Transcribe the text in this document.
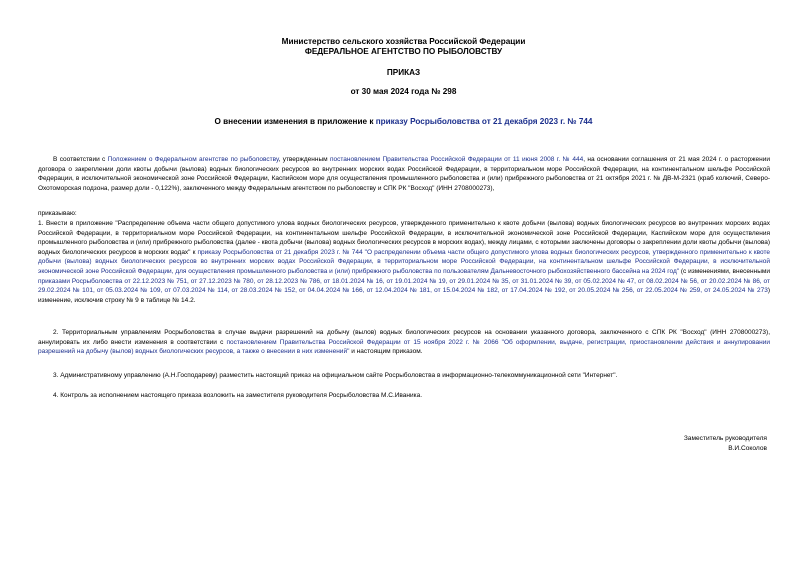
Министерство сельского хозяйства Российской Федерации
ФЕДЕРАЛЬНОЕ АГЕНТСТВО ПО РЫБОЛОВСТВУ
ПРИКАЗ
от 30 мая 2024 года № 298
О внесении изменения в приложение к приказу Росрыболовства от 21 декабря 2023 г. № 744

В соответствии с Положением о Федеральном агентстве по рыболовству, утвержденным постановлением Правительства Российской Федерации от 11 июня 2008 г. № 444, на основании соглашения от 21 мая 2024 г. о расторжении договора о закреплении доли квоты добычи (вылова) водных биологических ресурсов во внутренних морских водах Российской Федерации, в территориальном море Российской Федерации, на континентальном шельфе Российской Федерации, в исключительной экономической зоне Российской Федерации, Каспийском море для осуществления промышленного рыболовства и (или) прибрежного рыболовства от 21 октября 2021 г. № ДВ-М-2321 (краб колючий, Северо-Охотоморская подзона, размер доли - 0,122%), заключенного между Федеральным агентством по рыболовству и СПК РК "Восход" (ИНН 2708000273),

приказываю:

1. Внести в приложение "Распределение объема части общего допустимого улова водных биологических ресурсов, утвержденного применительно к квоте добычи (вылова) водных биологических ресурсов во внутренних морских водах Российской Федерации, в территориальном море Российской Федерации, на континентальном шельфе Российской Федерации, в исключительной экономической зоне Российской Федерации, Каспийском море для осуществления промышленного рыболовства и (или) прибрежного рыболовства (далее - квота добычи (вылова) водных биологических ресурсов в морских водах), между лицами, с которыми заключены договоры о закреплении доли квоты добычи (вылова) водных биологических ресурсов в морских водах" к приказу Росрыболовства от 21 декабря 2023 г. № 744 "О распределении объема части общего допустимого улова водных биологических ресурсов, утвержденного применительно к квоте добычи (вылова) водных биологических ресурсов во внутренних морских водах Российской Федерации, в территориальном море Российской Федерации, на континентальном шельфе Российской Федерации, в исключительной экономической зоне Российской Федерации, для осуществления промышленного рыболовства и (или) прибрежного рыболовства по пользователям Дальневосточного рыбохозяйственного бассейна на 2024 год" (с изменениями, внесенными приказами Росрыболовства от 22.12.2023 № 751, от 27.12.2023 № 780, от 28.12.2023 № 786, от 18.01.2024 № 16, от 19.01.2024 № 19, от 29.01.2024 № 35, от 31.01.2024 № 39, от 05.02.2024 № 47, от 08.02.2024 № 56, от 20.02.2024 № 86, от 29.02.2024 № 101, от 05.03.2024 № 109, от 07.03.2024 № 114, от 28.03.2024 № 152, от 04.04.2024 № 166, от 12.04.2024 № 181, от 15.04.2024 № 182, от 17.04.2024 № 192, от 20.05.2024 № 256, от 22.05.2024 № 259, от 24.05.2024 № 273) изменение, исключив строку № 9 в таблице № 14.2.

2. Территориальным управлениям Росрыболовства в случае выдачи разрешений на добычу (вылов) водных биологических ресурсов на основании указанного договора, заключенного с СПК РК "Восход" (ИНН 2708000273), аннулировать их либо внести изменения в соответствии с постановлением Правительства Российской Федерации от 15 ноября 2022 г. № 2066 "Об оформлении, выдаче, регистрации, приостановлении действия и аннулировании разрешений на добычу (вылов) водных биологических ресурсов, а также о внесении в них изменений" и настоящим приказом.

3. Административному управлению (А.Н.Господареву) разместить настоящий приказ на официальном сайте Росрыболовства в информационно-телекоммуникационной сети "Интернет".

4. Контроль за исполнением настоящего приказа возложить на заместителя руководителя Росрыболовства М.С.Иваника.

Заместитель руководителя
В.И.Соколов
